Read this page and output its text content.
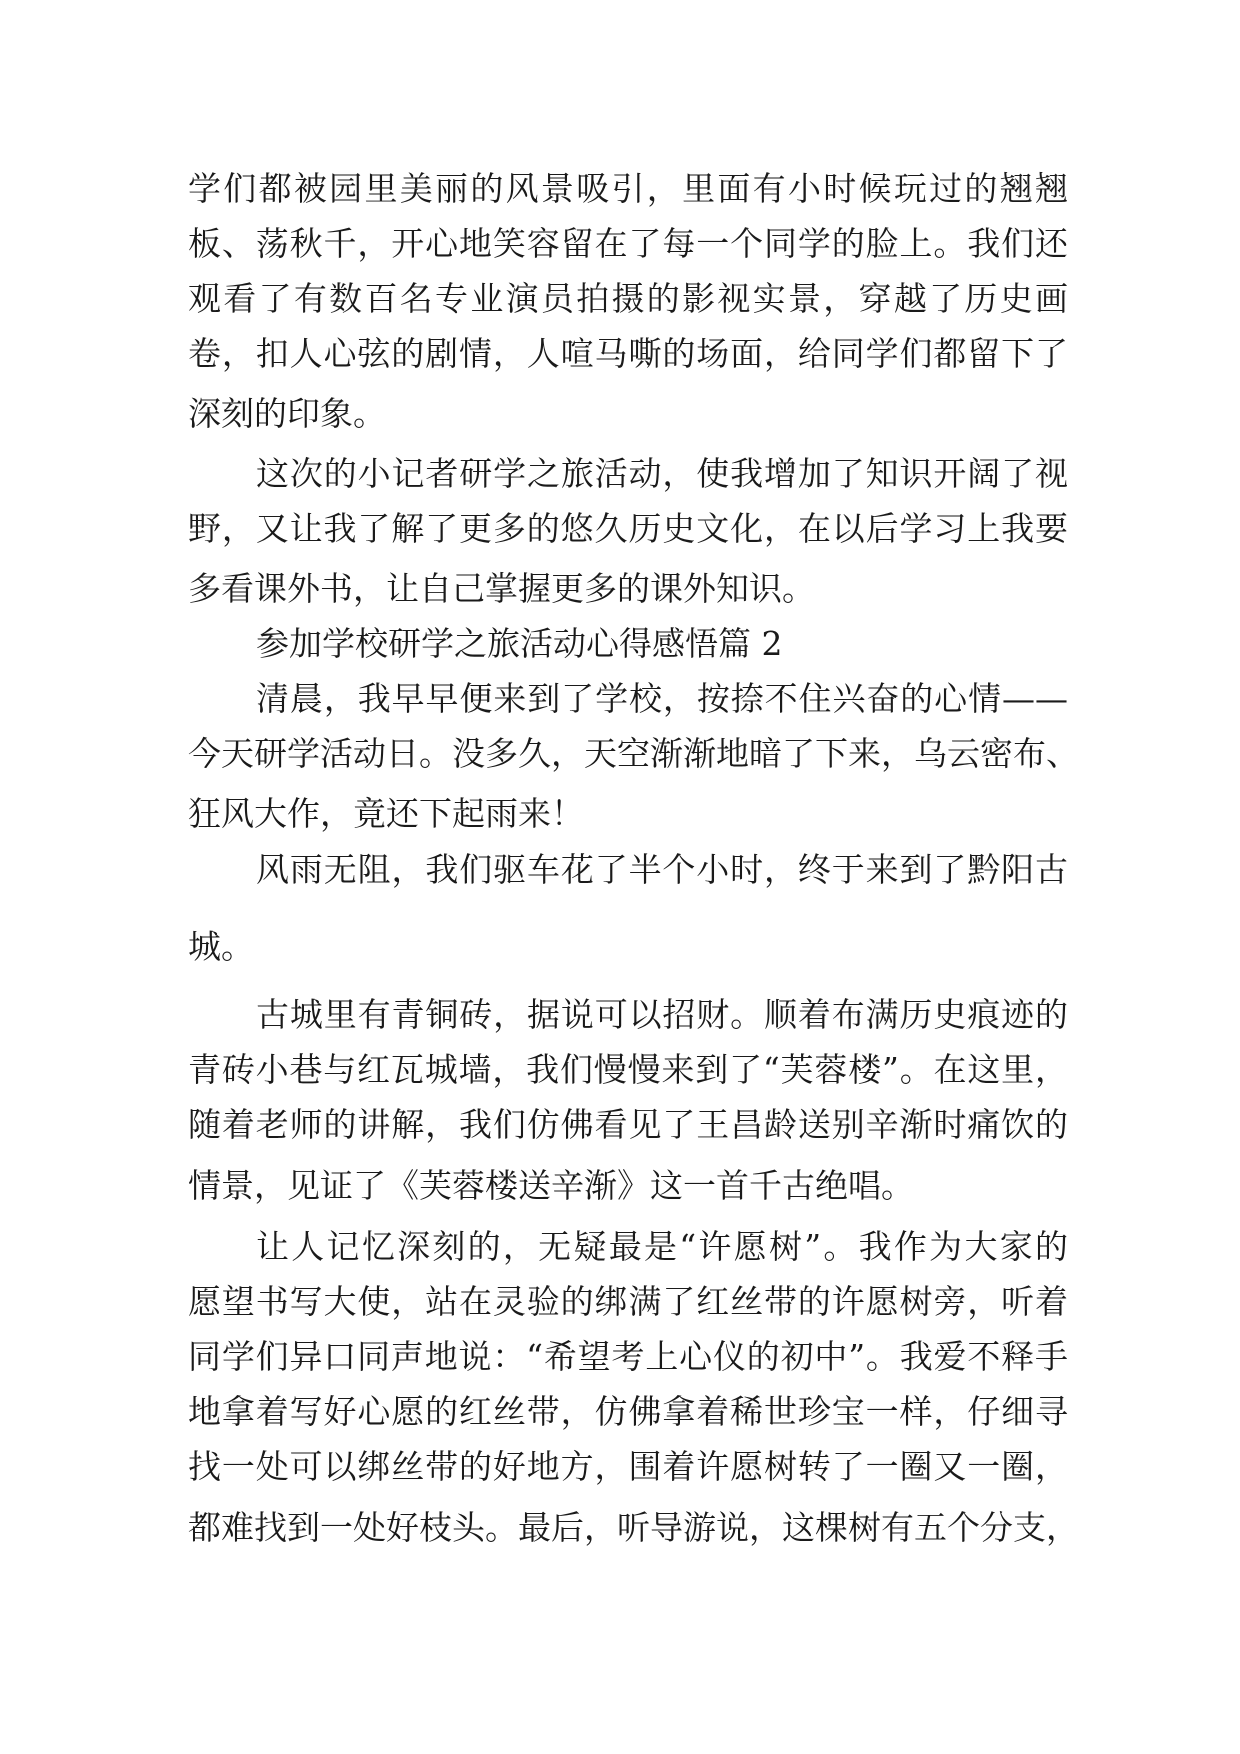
学们都被园里美丽的风景吸引，里面有小时候玩过的翘翘

板、荡秋千，开心地笑容留在了每一个同学的脸上。我们还

观看了有数百名专业演员拍摄的影视实景，穿越了历史画

卷，扣人心弦的剧情，人喧马嘶的场面，给同学们都留下了

深刻的印象。

这次的小记者研学之旅活动，使我增加了知识开阔了视

野，又让我了解了更多的悠久历史文化，在以后学习上我要

多看课外书，让自己掌握更多的课外知识。

参加学校研学之旅活动心得感悟篇 2

清晨，我早早便来到了学校，按捺不住兴奋的心情——

今天研学活动日。没多久，天空渐渐地暗了下来，乌云密布、

狂风大作，竟还下起雨来！

风雨无阻，我们驱车花了半个小时，终于来到了黔阳古

城。

古城里有青铜砖，据说可以招财。顺着布满历史痕迹的

青砖小巷与红瓦城墙，我们慢慢来到了“芙蓉楼”。在这里，

随着老师的讲解，我们仿佛看见了王昌龄送别辛渐时痛饮的

情景，见证了《芙蓉楼送辛渐》这一首千古绝唱。

让人记忆深刻的，无疑最是“许愿树”。我作为大家的

愿望书写大使，站在灵验的绑满了红丝带的许愿树旁，听着

同学们异口同声地说：“希望考上心仪的初中”。我爱不释手

地拿着写好心愿的红丝带，仿佛拿着稀世珍宝一样，仔细寻

找一处可以绑丝带的好地方，围着许愿树转了一圈又一圈，

都难找到一处好枝头。最后，听导游说，这棵树有五个分支，
